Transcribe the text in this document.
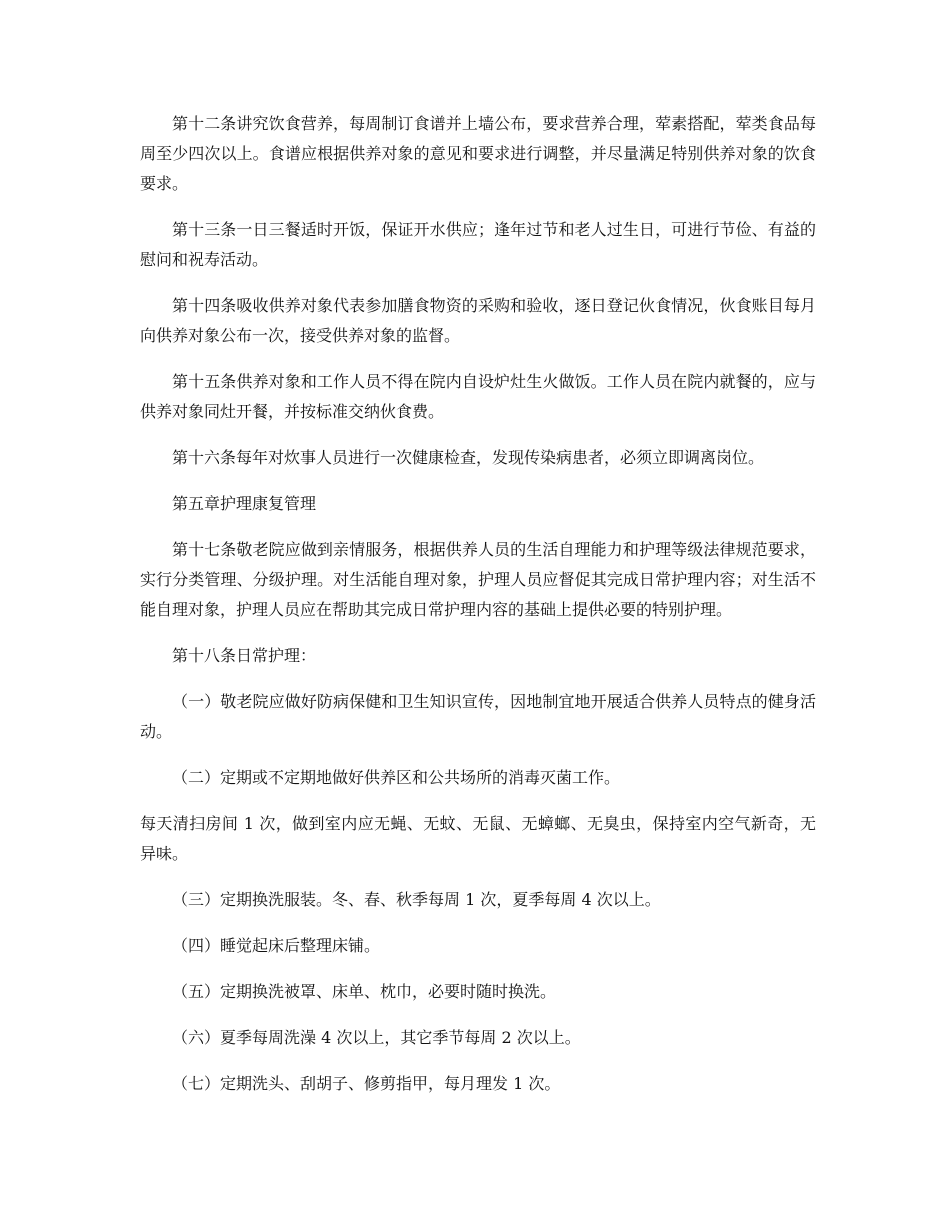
第十二条讲究饮食营养，每周制订食谱并上墙公布，要求营养合理，荤素搭配，荤类食品每周至少四次以上。食谱应根据供养对象的意见和要求进行调整，并尽量满足特别供养对象的饮食要求。

第十三条一日三餐适时开饭，保证开水供应；逢年过节和老人过生日，可进行节俭、有益的慰问和祝寿活动。

第十四条吸收供养对象代表参加膳食物资的采购和验收，逐日登记伙食情况，伙食账目每月向供养对象公布一次，接受供养对象的监督。

第十五条供养对象和工作人员不得在院内自设炉灶生火做饭。工作人员在院内就餐的，应与供养对象同灶开餐，并按标准交纳伙食费。

第十六条每年对炊事人员进行一次健康检查，发现传染病患者，必须立即调离岗位。

第五章护理康复管理

第十七条敬老院应做到亲情服务，根据供养人员的生活自理能力和护理等级法律规范要求，实行分类管理、分级护理。对生活能自理对象，护理人员应督促其完成日常护理内容；对生活不能自理对象，护理人员应在帮助其完成日常护理内容的基础上提供必要的特别护理。

第十八条日常护理：

（一）敬老院应做好防病保健和卫生知识宣传，因地制宜地开展适合供养人员特点的健身活动。

（二）定期或不定期地做好供养区和公共场所的消毒灭菌工作。

每天清扫房间 1 次，做到室内应无蝇、无蚊、无鼠、无蟑螂、无臭虫，保持室内空气新奇，无异味。

（三）定期换洗服装。冬、春、秋季每周 1 次，夏季每周 4 次以上。

（四）睡觉起床后整理床铺。

（五）定期换洗被罩、床单、枕巾，必要时随时换洗。

（六）夏季每周洗澡 4 次以上，其它季节每周 2 次以上。

（七）定期洗头、刮胡子、修剪指甲，每月理发 1 次。
